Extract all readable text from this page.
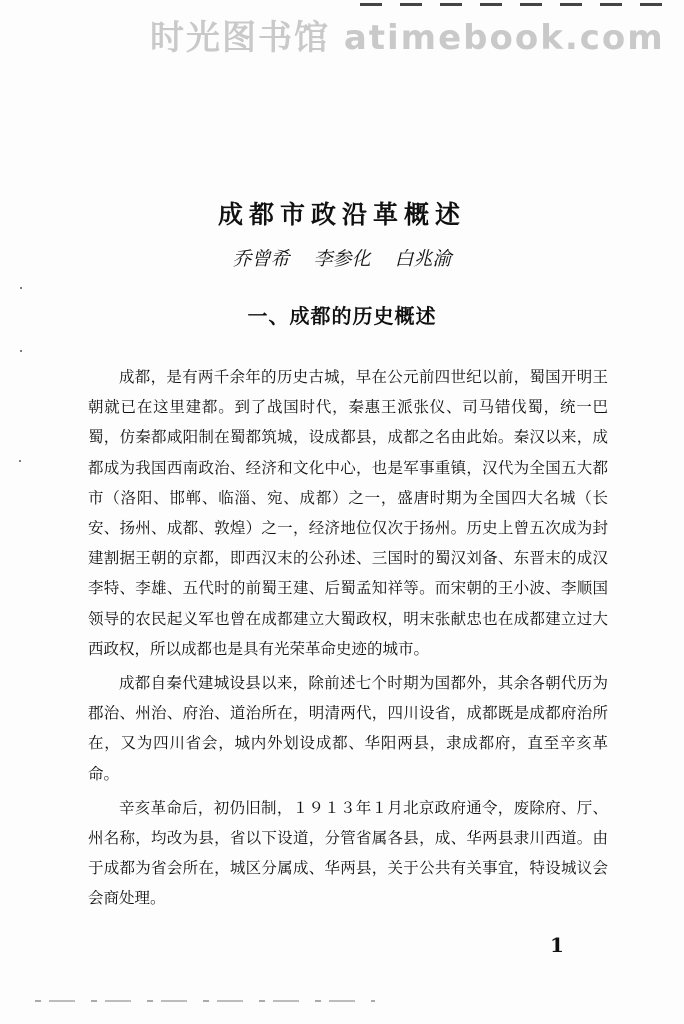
时光图书馆 atimebook.com
成都市政沿革概述
乔曾希 李参化 白兆渝
一、成都的历史概述

成都，是有两千余年的历史古城，早在公元前四世纪以前，蜀国开明王朝就已在这里建都。到了战国时代，秦惠王派张仪、司马错伐蜀，统一巴蜀，仿秦都咸阳制在蜀都筑城，设成都县，成都之名由此始。秦汉以来，成都成为我国西南政治、经济和文化中心，也是军事重镇，汉代为全国五大都市（洛阳、邯郸、临淄、宛、成都）之一，盛唐时期为全国四大名城（长安、扬州、成都、敦煌）之一，经济地位仅次于扬州。历史上曾五次成为封建割据王朝的京都，即西汉末的公孙述、三国时的蜀汉刘备、东晋末的成汉李特、李雄、五代时的前蜀王建、后蜀孟知祥等。而宋朝的王小波、李顺国领导的农民起义军也曾在成都建立大蜀政权，明末张献忠也在成都建立过大西政权，所以成都也是具有光荣革命史迹的城市。

成都自秦代建城设县以来，除前述七个时期为国都外，其余各朝代历为郡治、州治、府治、道治所在，明清两代，四川设省，成都既是成都府治所在，又为四川省会，城内外划设成都、华阳两县，隶成都府，直至辛亥革命。

辛亥革命后，初仍旧制，１９１３年１月北京政府通令，废除府、厅、州名称，均改为县，省以下设道，分管省属各县，成、华两县隶川西道。由于成都为省会所在，城区分属成、华两县，关于公共有关事宜，特设城议会会商处理。

1
